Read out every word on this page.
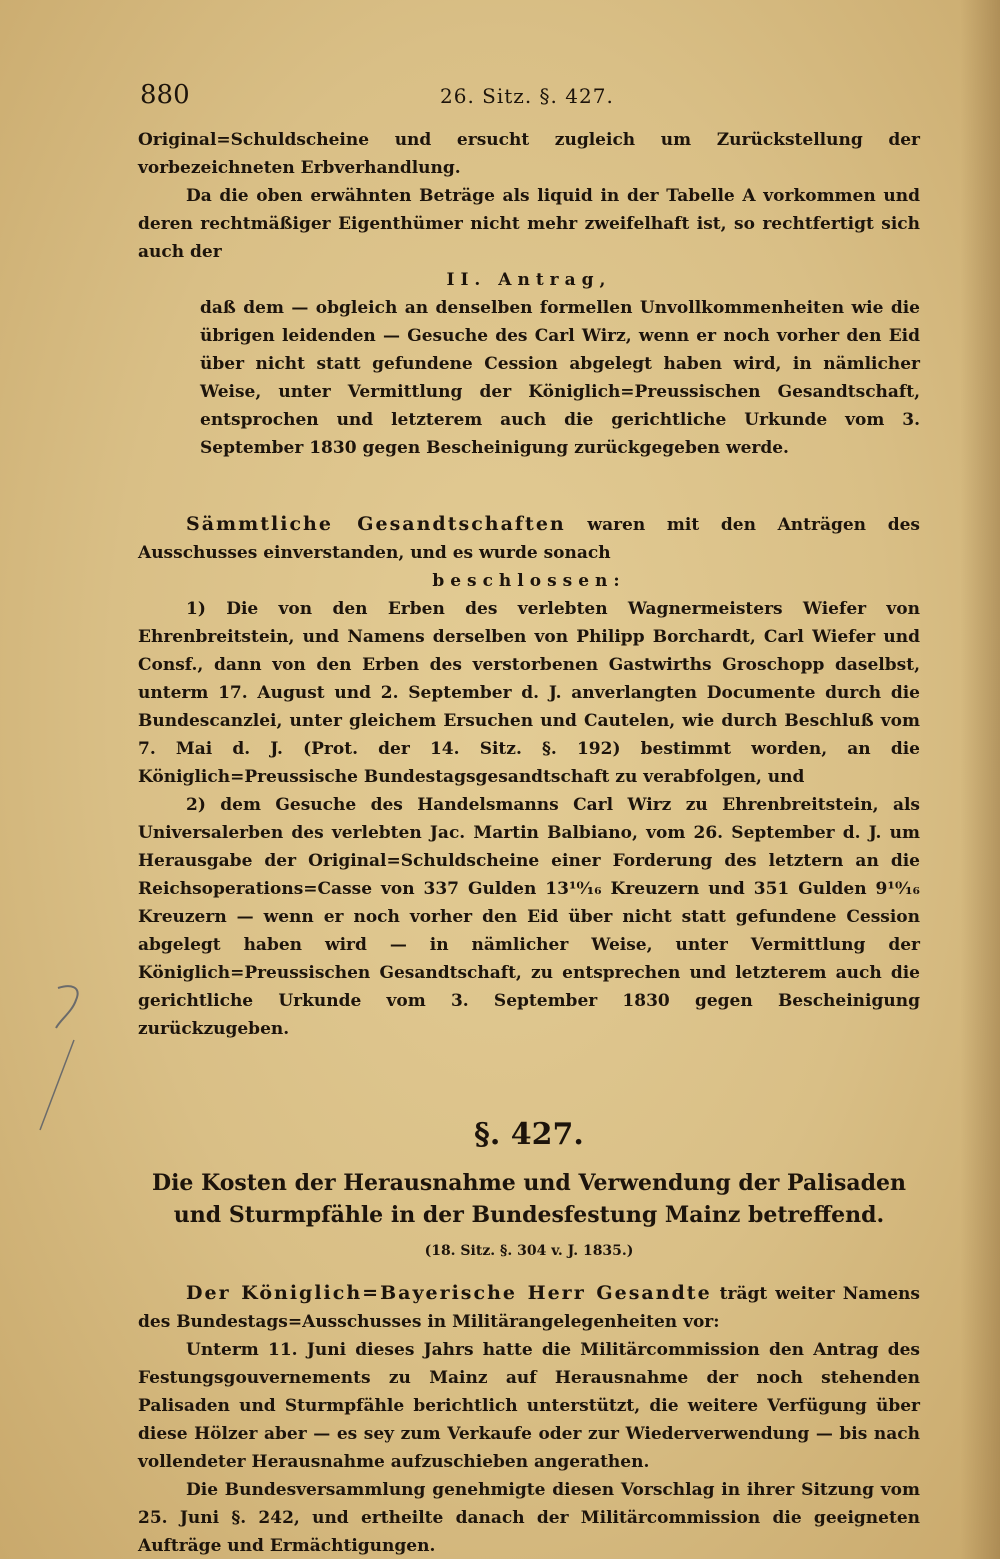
880	26. Sitz. §. 427.

Original=Schuldscheine und ersucht zugleich um Zurückstellung der vorbezeichneten Erbverhandlung.

Da die oben erwähnten Beträge als liquid in der Tabelle A vorkommen und deren rechtmäßiger Eigenthümer nicht mehr zweifelhaft ist, so rechtfertigt sich auch der

II. Antrag,

daß dem — obgleich an denselben formellen Unvollkommenheiten wie die übrigen leidenden — Gesuche des Carl Wirz, wenn er noch vorher den Eid über nicht statt gefundene Cession abgelegt haben wird, in nämlicher Weise, unter Vermittlung der Königlich=Preussischen Gesandtschaft, entsprochen und letzterem auch die gerichtliche Urkunde vom 3. September 1830 gegen Bescheinigung zurückgegeben werde.

Sämmtliche Gesandtschaften waren mit den Anträgen des Ausschusses einverstanden, und es wurde sonach

beschlossen:

1) Die von den Erben des verlebten Wagnermeisters Wiefer von Ehrenbreitstein, und Namens derselben von Philipp Borchardt, Carl Wiefer und Consf., dann von den Erben des verstorbenen Gastwirths Groschopp daselbst, unterm 17. August und 2. September d. J. anverlangten Documente durch die Bundescanzlei, unter gleichem Ersuchen und Cautelen, wie durch Beschluß vom 7. Mai d. J. (Prot. der 14. Sitz. §. 192) bestimmt worden, an die Königlich=Preussische Bundestagsgesandtschaft zu verabfolgen, und

2) dem Gesuche des Handelsmanns Carl Wirz zu Ehrenbreitstein, als Universalerben des verlebten Jac. Martin Balbiano, vom 26. September d. J. um Herausgabe der Original=Schuldscheine einer Forderung des letztern an die Reichsoperations=Casse von 337 Gulden 13¹⁰⁄₁₆ Kreuzern und 351 Gulden 9¹⁰⁄₁₆ Kreuzern — wenn er noch vorher den Eid über nicht statt gefundene Cession abgelegt haben wird — in nämlicher Weise, unter Vermittlung der Königlich=Preussischen Gesandtschaft, zu entsprechen und letzterem auch die gerichtliche Urkunde vom 3. September 1830 gegen Bescheinigung zurückzugeben.

§. 427.

Die Kosten der Herausnahme und Verwendung der Palisaden und Sturmpfähle in der Bundesfestung Mainz betreffend.

(18. Sitz. §. 304 v. J. 1835.)

Der Königlich=Bayerische Herr Gesandte trägt weiter Namens des Bundestags=Ausschusses in Militärangelegenheiten vor:

Unterm 11. Juni dieses Jahrs hatte die Militärcommission den Antrag des Festungsgouvernements zu Mainz auf Herausnahme der noch stehenden Palisaden und Sturmpfähle berichtlich unterstützt, die weitere Verfügung über diese Hölzer aber — es sey zum Verkaufe oder zur Wiederverwendung — bis nach vollendeter Herausnahme aufzuschieben angerathen.

Die Bundesversammlung genehmigte diesen Vorschlag in ihrer Sitzung vom 25. Juni §. 242, und ertheilte danach der Militärcommission die geeigneten Aufträge und Ermächtigungen.
